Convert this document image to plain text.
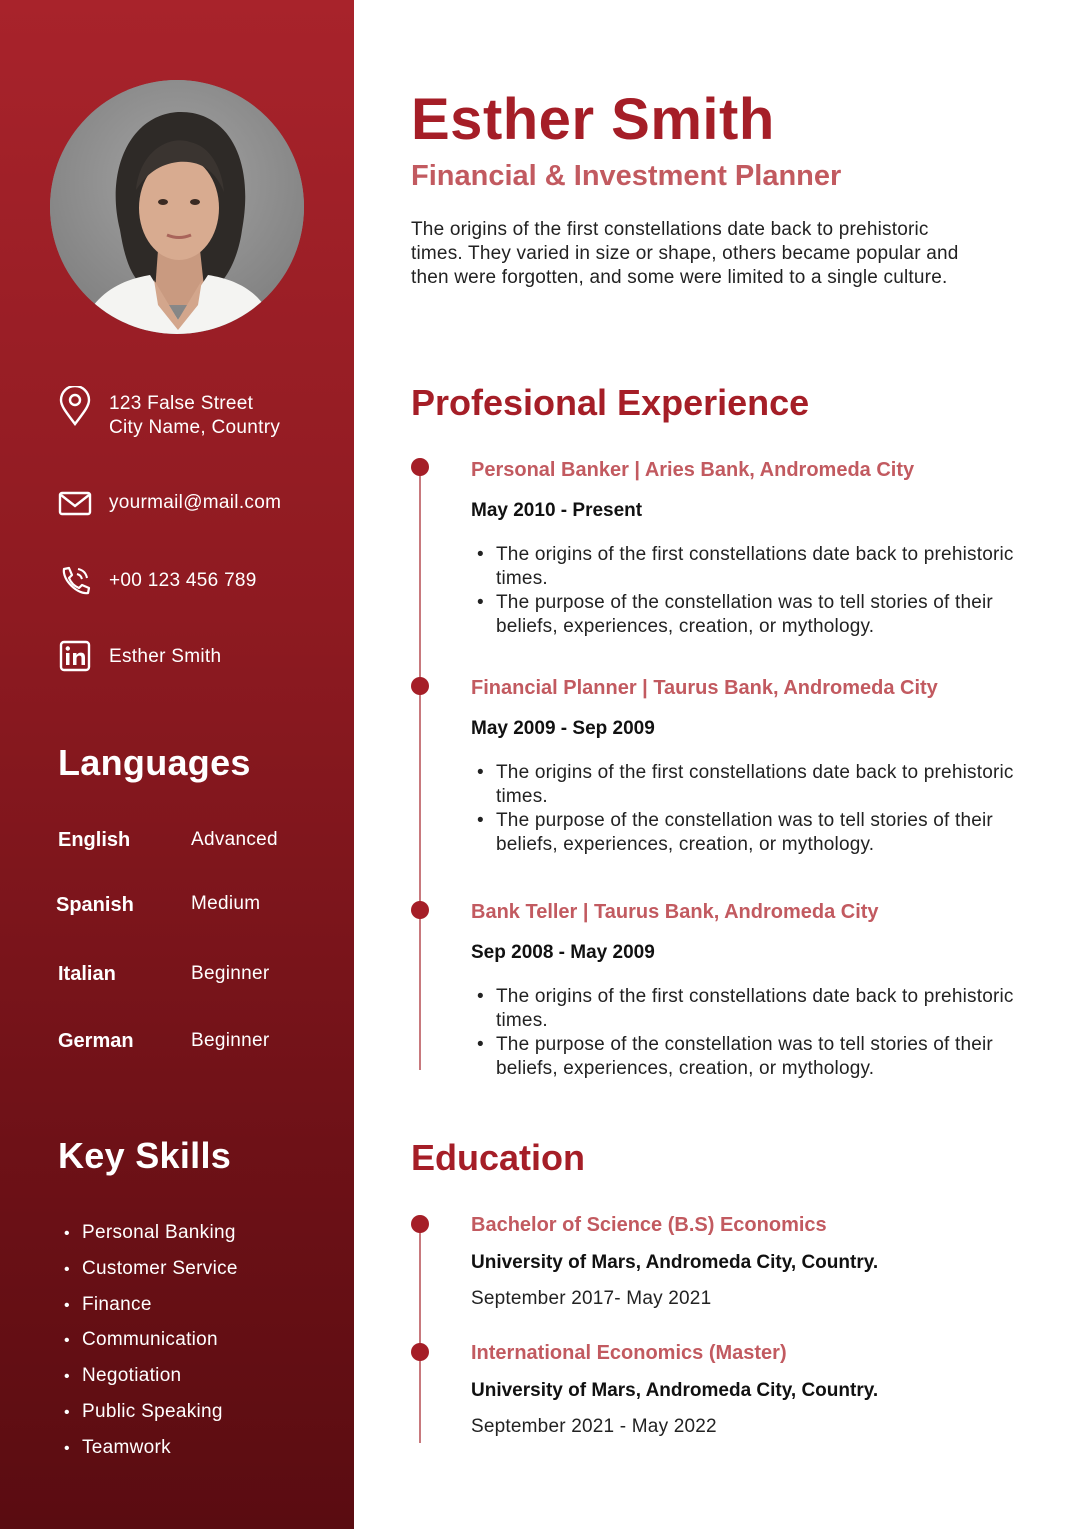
123 False Street
City Name, Country
yourmail@mail.com
+00 123 456 789
Esther Smith
Languages
English	Advanced
Spanish	Medium
Italian	Beginner
German	Beginner
Key Skills
• Personal Banking
• Customer Service
• Finance
• Communication
• Negotiation
• Public Speaking
• Teamwork
Esther Smith
Financial & Investment Planner
The origins of the first constellations date back to prehistoric times. They varied in size or shape, others became popular and then were forgotten, and some were limited to a single culture.
Profesional Experience
Personal Banker | Aries Bank, Andromeda City
May 2010 - Present
• The origins of the first constellations date back to prehistoric times.
• The purpose of the constellation was to tell stories of their beliefs, experiences, creation, or mythology.
Financial Planner | Taurus Bank, Andromeda City
May 2009 - Sep 2009
• The origins of the first constellations date back to prehistoric times.
• The purpose of the constellation was to tell stories of their beliefs, experiences, creation, or mythology.
Bank Teller | Taurus Bank, Andromeda City
Sep 2008 - May 2009
• The origins of the first constellations date back to prehistoric times.
• The purpose of the constellation was to tell stories of their beliefs, experiences, creation, or mythology.
Education
Bachelor of Science (B.S) Economics
University of Mars, Andromeda City, Country.
September 2017- May 2021
International Economics (Master)
University of Mars, Andromeda City, Country.
September 2021 - May 2022
